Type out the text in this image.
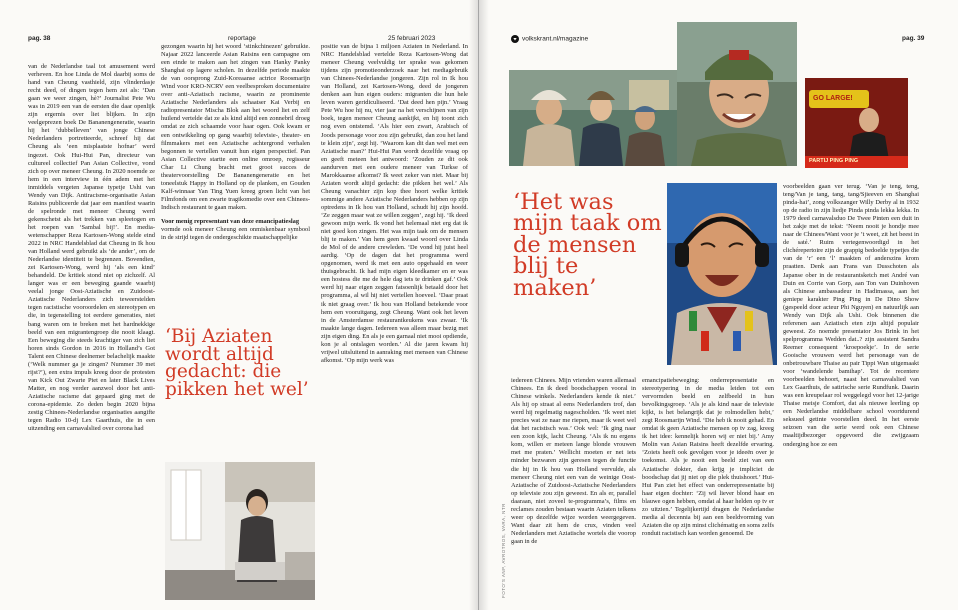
pag. 38	reportage	25 februari 2023

van de Nederlandse taal tot amusement werd verheven. En hoe Linda de Mol daarbij soms de hand van Cheung vasthield, zijn vlinderdasje recht deed, of dingen tegen hem zei als: ‘Dan gaan we weer zingen, hè?’ Journalist Pete Wu was in 2019 een van de eersten die daar openlijk zijn ergernis over liet blijken. In zijn veelgeprezen boek De Bananengeneratie, waarin hij het ‘dubbelleven’ van jonge Chinese Nederlanders portretteerde, schreef hij dat Cheung als ‘een misplaatste hofnar’ werd ingezet. Ook Hui-Hui Pan, directeur van cultureel collectief Pan Asian Collective, vond zich op over meneer Cheung. In 2020 noemde ze hem in een interview in één adem met het inmiddels vergeten Japanse typetje Ushi van Wendy van Dijk. Antiracisme-organisatie Asian Raisins publiceerde dat jaar een manifest waarin de spelronde met meneer Cheung werd gekenschetst als het trekken van spleetogen en het roepen van ‘Sambal bij!’. En media-wetenschapper Reza Kartosen-Wong stelde eind 2022 in NRC Handelsblad dat Cheung in Ik hou van Holland werd gebruikt als ‘de ander’, om de Nederlandse identiteit te begrenzen. Bovendien, zei Kartosen-Wong, werd hij ‘als een kind’ behandeld. De kritiek stond niet op zichzelf. Al langer was er een beweging gaande waarbij veelal jonge Oost-Aziatische en Zuidoost-Aziatische Nederlanders zich teweerstelden tegen racistische vooroordelen en stereotypen en die, in tegenstelling tot eerdere generaties, niet bang waren om te breken met het hardnekkige beeld van een migrantengroep die nooit klaagt. Een beweging die steeds krachtiger van zich liet horen sinds Gordon in 2016 in Holland’s Got Talent een Chinese deelnemer belachelijk maakte (‘Welk nummer ga je zingen? Nummer 39 met rijst?’), een extra impuls kreeg door de protesten van Kick Out Zwarte Piet en later Black Lives Matter, en nog verder aanzwol door het anti-Aziatische racisme dat gepaard ging met de corona-epidemie. Zo deden begin 2020 bijna zestig Chinees-Nederlandse organisaties aangifte tegen Radio 10-dj Lex Gaarthuis, die in een uitzending een carnavalslied over corona had

gezongen waarin hij het woord ‘stinkchinezen’ gebruikte. Najaar 2022 lanceerde Asian Raisins een campagne om een einde te maken aan het zingen van Hanky Panky Shanghai op lagere scholen. In dezelfde periode maakte de van oorsprong Zuid-Koreaanse actrice Roosmarijn Wind voor KRO-NCRV een veelbesproken documentaire over anti-Aziatisch racisme, waarin ze prominente Aziatische Nederlanders als schaatser Kai Verbij en radiopresentator Mischa Blok aan het woord liet en zelf huilend vertelde dat ze als kind altijd een zonnebril droeg omdat ze zich schaamde voor haar ogen. Ook kwam er een ontwikkeling op gang waarbij televisie-, theater- en filmmakers met een Aziatische achtergrond verhalen begonnen te vertellen vanuit hun eigen perspectief. Pan Asian Collective startte een online omroep, regisseur Char Li Chung bracht met groot succes de theatervoorstelling De Bananengeneratie en het toneelstuk Happy in Holland op de planken, en Gouden Kalf-winnaar Yan Ting Yuen kreeg groen licht van het Filmfonds om een zwarte tragikomedie over een Chinees-Indisch restaurant te gaan maken.

Voor menig representant van deze emancipatieslag

vormde ook meneer Cheung een onmiskenbaar symbool in de strijd tegen de ondergeschikte maatschappelijke

‘Bij Aziaten wordt altijd gedacht: die pikken het wel’

positie van de bijna 1 miljoen Aziaten in Nederland. In NRC Handelsblad vertelde Reza Kartosen-Wong dat meneer Cheung veelvuldig ter sprake was gekomen tijdens zijn promotieonderzoek naar het mediagebruik van Chinees-Nederlandse jongeren. Zijn rol in Ik hou van Holland, zei Kartosen-Wong, deed de jongeren denken aan hun eigen ouders: migranten die hun hele leven waren geridiculiseerd. ‘Dat deed hen pijn.’ Vraag Pete Wu hoe hij nu, vier jaar na het verschijnen van zijn boek, tegen meneer Cheung aankijkt, en hij toont zich nog even ontstemd. ‘Als hier een zwart, Arabisch of Joods personage voor zou zijn gebruikt, dan zou het land te klein zijn’, zegt hij. ‘Waarom kan dit dan wel met een Aziatische man?’ Hui-Hui Pan wordt dezelfde vraag op en geeft meteen het antwoord: ‘Zouden ze dit ook aandurven met een oudere meneer van Turkse of Marokkaanse afkomst? Ik weet zeker van niet. Maar bij Aziaten wordt altijd gedacht: die pikken het wel.’ Als Cheung vanachter zijn kop thee hoort welke kritiek sommige andere Aziatische Nederlanders hebben op zijn optredens in Ik hou van Holland, schudt hij zijn hoofd. ‘Ze zeggen maar wat ze willen zeggen’, zegt hij. ‘Ik deed gewoon mijn werk. Ik vond het helemaal niet erg dat ik niet goed kon zingen. Het was mijn taak om de mensen blij te maken.’ Van hem geen kwaad woord over Linda de Mol of de andere crewleden. ‘De vond hij juist heel aardig. ‘Op de dagen dat het programma werd opgenomen, werd ik met een auto opgehaald en weer thuisgebracht. Ik had mijn eigen kleedkamer en er was een hostess die me de hele dag iets te drinken gaf.’ Ook werd hij naar eigen zeggen fatsoenlijk betaald door het programma, al wil hij niet vertellen hoeveel. ‘Daar praat ik niet graag over.’ Ik hou van Holland betekende voor hem een vooruitgang, zegt Cheung. Want ook het leven in de Amsterdamse restaurantkeukens was zwaar. ‘Ik maakte lange dagen. Iedereen was alleen maar bezig met zijn eigen ding. En als je een garnaal niet mooi opdiende, kon je al ontslagen worden.’ Al die jaren kwam hij vrijwel uitsluitend in aanraking met mensen van Chinese afkomst. ‘Op mijn werk was

volkskrant.nl/magazine	pag. 39
GO LARGE!
PARTIJ PING PING
‘Het was mijn taak om de mensen blij te maken’
FOTO’S ANP, AVROTROS, VARA, NTR

iedereen Chinees. Mijn vrienden waren allemaal Chinees. En ik deed boodschappen vooral in Chinese winkels. Nederlanders kende ik niet.’ Als hij op straat al eens Nederlanders trof, dan werd hij regelmatig nagescholden. ‘Ik weet niet precies wat ze naar me riepen, maar ik weet wel dat het racistisch was.’ Ook wel: ‘Ik ging naar een zoon kijk, lacht Cheung. ‘Als ik nu ergens kom, willen er meteen lange blonde vrouwen met me praten.’ Wellicht moeten er net iets minder bezwaren zijn geresen tegen de functie die hij in Ik hou van Holland vervulde, als meneer Cheung niet een van de weinige Oost-Aziatische of Zuidoost-Aziatische Nederlanders op televisie zou zijn geweest. En als er, parallel daaraan, niet zoveel te-programma’s, films en reclames zouden bestaan waarin Aziaten telkens weer op dezelfde wijze worden weergegeven. Want daar zit hem de crux, vinden veel Nederlanders met Aziatische wortels die voorop gaan in de

emancipatiebeweging: onderrepresentatie en stereotypering in de media leiden tot een vervormden beeld en zelfbeeld in hun bevolkingsgroep. ‘Als je als kind naar de televisie kijkt, is het belangrijk dat je rolmodellen hebt,’ zegt Roosmarijn Wind. ‘Die heb ik nooit gehad. En omdat ik geen Aziatische mensen op tv zag, kreeg ik het idee: kennelijk horen wij er niet bij.’ Amy Molin van Asian Raisins heeft dezelfde ervaring. ‘Zoiets heeft ook gevolgen voor je ideeën over je toekomst. Als je nooit een beeld ziet van een Aziatische dokter, dan krijg je impliciet de boodschap dat jij niet op die plek thuishoort.’ Hui-Hui Pan ziet het effect van onderrepresentatie bij haar eigen dochter: ‘Zij wil liever blond haar en blauwe ogen hebben, omdat al haar helden op tv er zo uitzien.’ Tegelijkertijd dragen de Nederlandse media al decennia bij aan een beeldvorming van Aziaten die op zijn minst clichématig en soms zelfs ronduit racistisch kan worden genoemd. De

voorbeelden gaan ver terug. ‘Van je teng, teng, teng/Van je tang, tang, tang/Sjieeven en Shanghai pinda-hai’, zong volkszanger Willy Derby al in 1932 op de radio in zijn liedje Pinda pinda lekka lekka. In 1979 deed carnavalsduo De Twee Pinten een duit in het zakje met de tekst: ‘Neem nooit je hondje mee naar de Chinees/Want voor je ’t weet, zit het beest in de saté.’ Ruim vertegenwoordigd in het clichérepertoire zijn de grappig bedoelde typetjes die van de ‘r’ een ‘l’ maakten of anderszins krom praatten. Denk aan Frans van Dusschoten als Japanse ober in de restaurantsketch met André van Duin en Corrie van Gorp, aan Ton van Duinhoven als Chinese ambassadeur in Hadimassa, aan het geniepe karakter Ping Ping in De Dino Show (gespeeld door acteur Phi Nguyen) en natuurlijk aan Wendy van Dijk als Ushi. Ook binnenen die referenen aan Aziatisch eten zijn altijd populair geweest. Zo noemde presentator Jos Brink in het spelprogramma Wedden dat..? zijn assistent Sandra Reemer consequent ‘kroepoekje’. In de serie Gooische vrouwen werd het personage van de onbetrouwbare Thaise au pair Tippi Wan uitgemaakt voor ‘wandelende bamihap’. Tot de recentere voorbeelden behoort, naast het carnavalslied van Lex Gaarthuis, de satirische serie Rundfunk. Daarin was een kreupelaar rol weggelegd voor het 12-jarige Thaise meisje Comfort, dat als nieuwe leerling op een Nederlandse middelbare school voortdurend seksueel getinte voorstellen deed. In het eerste seizoen van die serie werd ook een Chinese maaltijdbezorger opgevoerd die zwijgzaam onderging hoe ze een
